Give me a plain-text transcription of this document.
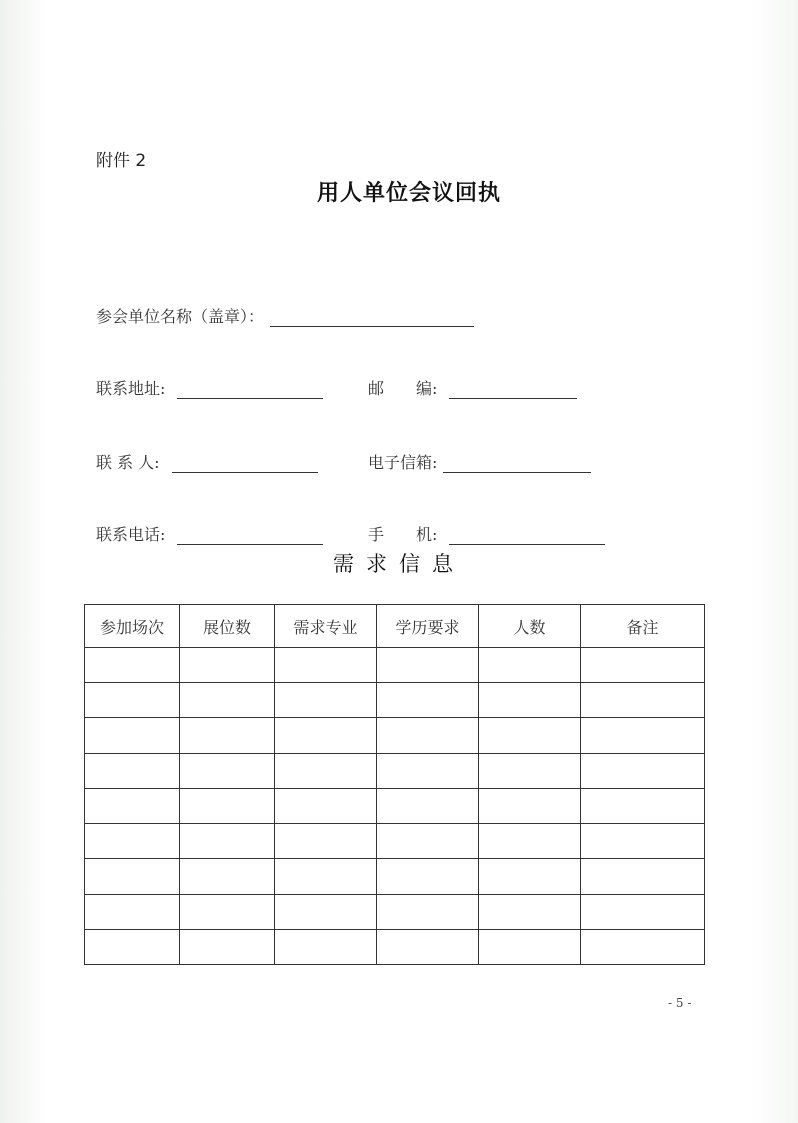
附件 2
用人单位会议回执
参会单位名称（盖章）：
联系地址:	邮　　编:
联 系 人:	电子信箱:
联系电话:	手　　机:
需求信息
参加场次	展位数	需求专业	学历要求	人数	备注

- 5 -
